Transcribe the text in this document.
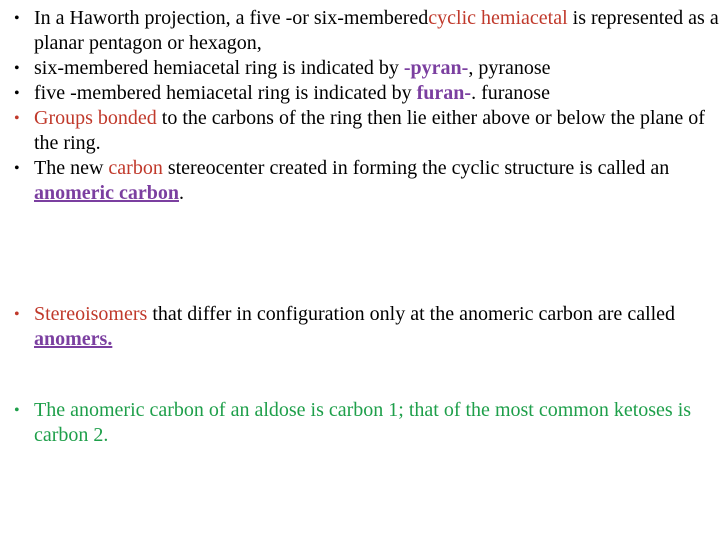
• In a Haworth projection, a five -or six-memberedcyclic hemiacetal is represented as a planar pentagon or hexagon,
• six-membered hemiacetal ring is indicated by -pyran-, pyranose
• five -membered hemiacetal ring is indicated by furan-. furanose
• Groups bonded to the carbons of the ring then lie either above or below the plane of the ring.
• The new carbon stereocenter created in forming the cyclic structure is called an anomeric carbon.
• Stereoisomers that differ in configuration only at the anomeric carbon are called anomers.
• The anomeric carbon of an aldose is carbon 1; that of the most common ketoses is carbon 2.
